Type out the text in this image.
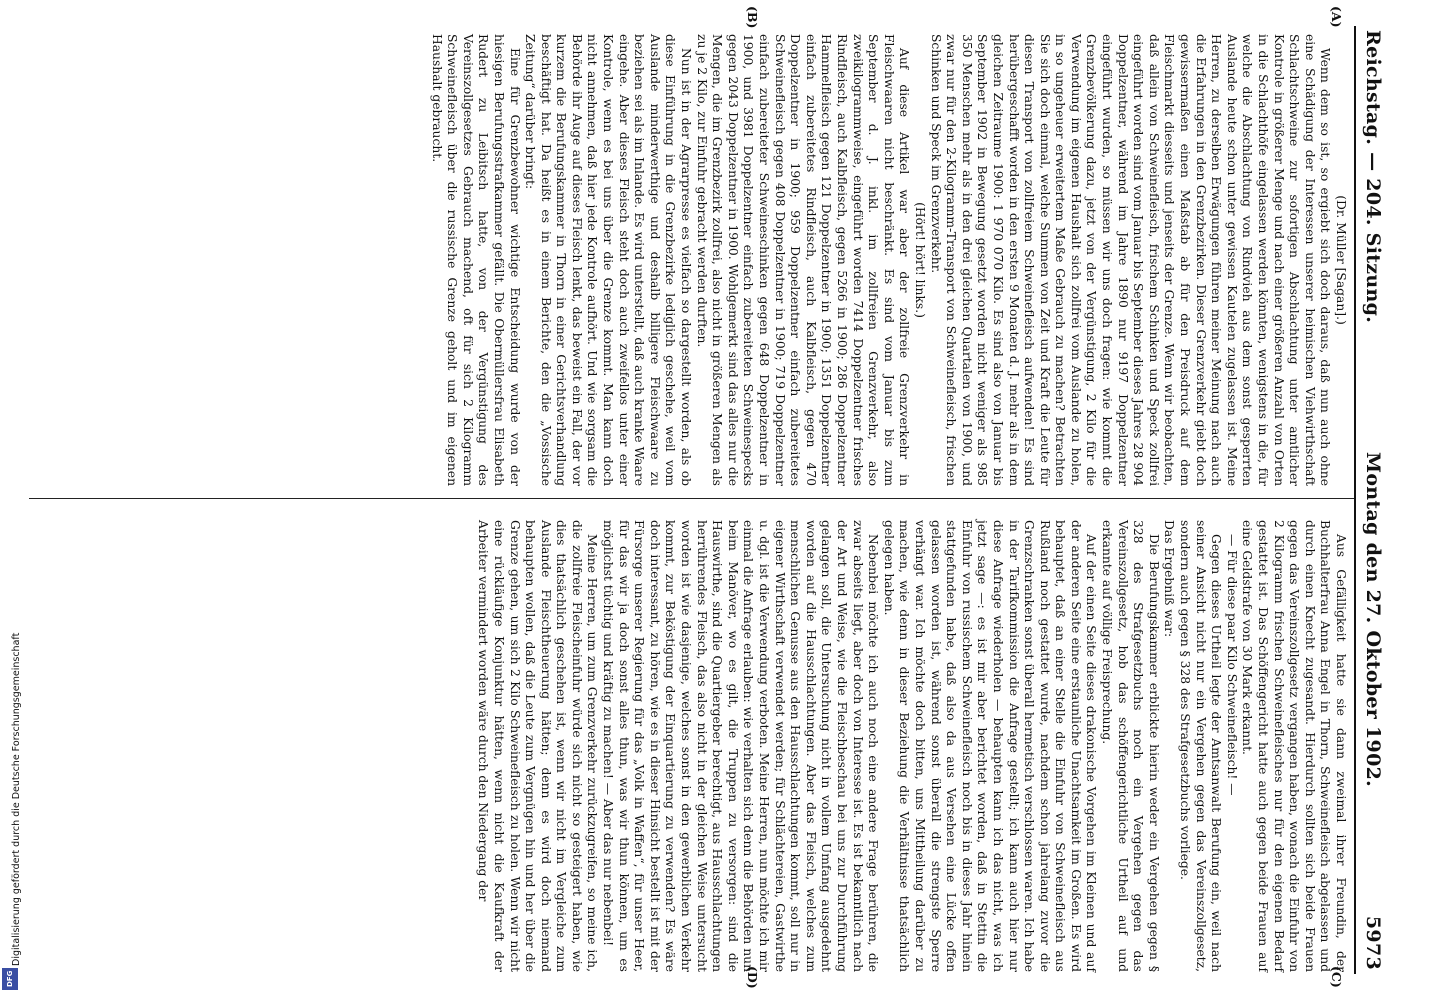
Reichstag. — 204. Sitzung.
Montag den 27. Oktober 1902.
5973
(A)
(B)
(C)
(D)

(Dr. Müller [Sagan].)

Wenn dem so ist, so ergiebt sich doch daraus, daß nun auch ohne eine Schädigung der Interessen unserer heimischen Viehwirthschaft Schlachtschweine zur sofortigen Abschlachtung unter amtlicher Kontrole in größerer Menge und nach einer größeren Anzahl von Orten in die Schlachthöfe eingelassen werden könnten, wenigstens in die, für welche die Abschlachtung von Rindvieh aus dem sonst gesperrten Auslande heute schon unter gewissen Kautelen zugelassen ist. Meine Herren, zu derselben Erwägungen führen meiner Meinung nach auch die Erfahrungen in den Grenzbezirken. Dieser Grenzverkehr giebt doch gewissermaßen einen Maßstab ab für den Preisdruck auf dem Fleischmarkt diesseits und jenseits der Grenze. Wenn wir beobachten, daß allein von Schweinefleisch, frischem Schinken und Speck zollfrei eingeführt worden sind vom Januar bis September dieses Jahres 28 904 Doppelzentner, während im Jahre 1890 nur 9197 Doppelzentner eingeführt wurden, so müssen wir uns doch fragen: wie kommt die Grenzbevölkerung dazu, jetzt von der Vergünstigung, 2 Kilo für die Verwendung im eigenen Haushalt sich zollfrei vom Auslande zu holen, in so ungeheuer erweitertem Maße Gebrauch zu machen? Betrachten Sie sich doch einmal, welche Summen von Zeit und Kraft die Leute für diesen Transport von zollfreiem Schweinefleisch aufwenden! Es sind herübergeschafft worden in den ersten 9 Monaten d. J. mehr als in dem gleichen Zeitraume 1900: 1 970 070 Kilo. Es sind also von Januar bis September 1902 in Bewegung gesetzt worden nicht weniger als 985 350 Menschen mehr als in den drei gleichen Quartalen von 1900, und zwar nur für den 2-Kilogramm-Transport von Schweinefleisch, frischen Schinken und Speck im Grenzverkehr.

(Hört! hört! links.)

Auf diese Artikel war aber der zollfreie Grenzverkehr in Fleischwaaren nicht beschränkt. Es sind vom Januar bis zum September d. J. inkl. im zollfreien Grenzverkehr, also zweikilogrammweise, eingeführt worden 7414 Doppelzentner frisches Rindfleisch, auch Kalbfleisch, gegen 5266 in 1900; 286 Doppelzentner Hammelfleisch gegen 121 Doppelzentner in 1900; 1351 Doppelzentner einfach zubereitetes Rindfleisch, auch Kalbfleisch, gegen 470 Doppelzentner in 1900; 959 Doppelzentner einfach zubereitetes Schweinefleisch gegen 408 Doppelzentner in 1900; 719 Doppelzentner einfach zubereiteter Schweineschinken gegen 648 Doppelzentner in 1900, und 3981 Doppelzentner einfach zubereiteten Schweinespecks gegen 2043 Doppelzentner in 1900. Wohlgemerkt sind das alles nur die Mengen, die im Grenzbezirk zollfrei, also nicht in größeren Mengen als zu je 2 Kilo, zur Einfuhr gebracht werden durften.

Nun ist in der Agrarpresse es vielfach so dargestellt worden, als ob diese Einführung in die Grenzbezirke lediglich geschehe, weil vom Auslande minderwerthige und deshalb billigere Fleischwaare zu beziehen sei als im Inlande. Es wird unterstellt, daß auch kranke Waare eingehe. Aber dieses Fleisch steht doch auch zweifellos unter einer Kontrole, wenn es bei uns über die Grenze kommt. Man kann doch nicht annehmen, daß hier jede Kontrole aufhört. Und wie sorgsam die Behörde ihr Auge auf dieses Fleisch lenkt, das beweist ein Fall, der vor kurzem die Berufungskammer in Thorn in einer Gerichtsverhandlung beschäftigt hat. Da heißt es in einem Berichte, den die „Vossische Zeitung“ darüber bringt:

Eine für Grenzbewohner wichtige Entscheidung wurde von der hiesigen Berufungsstrafkammer gefällt. Die Obermüllersfrau Elisabeth Rudert zu Leibitsch hatte, von der Vergünstigung des Vereinszollgesetzes Gebrauch machend, oft für sich 2 Kilogramm Schweinefleisch über die russische Grenze geholt und im eigenen Haushalt gebraucht.

Aus Gefälligkeit hatte sie dann zweimal ihrer Freundin, der Buchhalterfrau Anna Engel in Thorn, Schweinefleisch abgelassen und durch einen Knecht zugesandt. Hierdurch sollten sich beide Frauen gegen das Vereinszollgesetz vergangen haben, wonach die Einfuhr von 2 Kilogramm frischen Schweinefleisches nur für den eigenen Bedarf gestattet ist. Das Schöffengericht hatte auch gegen beide Frauen auf eine Geldstrafe von 30 Mark erkannt.

— Für diese paar Kilo Schweinefleisch! —

Gegen dieses Urtheil legte der Amtsanwalt Berufung ein, weil nach seiner Ansicht nicht nur ein Vergehen gegen das Vereinszollgesetz, sondern auch gegen § 328 des Strafgesetzbuchs vorliege.

Das Ergebniß war:

Die Berufungskammer erblickte hierin weder ein Vergehen gegen § 328 des Strafgesetzbuchs noch ein Vergehen gegen das Vereinszollgesetz, hob das schöffengerichtliche Urtheil auf und erkannte auf völlige Freisprechung.

Auf der einen Seite dieses drakonische Vorgehen im Kleinen und auf der anderen Seite eine erstaunliche Unachtsamkeit im Großen. Es wird behauptet, daß an einer Stelle die Einfuhr von Schweinefleisch aus Rußland noch gestattet wurde, nachdem schon jahrelang zuvor die Grenzschranken sonst überall hermetisch verschlossen waren. Ich habe in der Tarifkommission die Anfrage gestellt; ich kann auch hier nur diese Anfrage wiederholen — behaupten kann ich das nicht, was ich jetzt sage —: es ist mir aber berichtet worden, daß in Stettin die Einfuhr von russischem Schweinefleisch noch bis in dieses Jahr hinein stattgefunden habe, daß also da aus Versehen eine Lücke offen gelassen worden ist, während sonst überall die strengste Sperre verhängt war. Ich möchte doch bitten, uns Mittheilung darüber zu machen, wie denn in dieser Beziehung die Verhältnisse thatsächlich gelegen haben.

Nebenbei möchte ich auch noch eine andere Frage berühren, die zwar abseits liegt, aber doch von Interesse ist. Es ist bekanntlich nach der Art und Weise, wie die Fleischbeschau bei uns zur Durchführung gelangen soll, die Untersuchung nicht in vollem Umfang ausgedehnt worden auf die Hausschlachtungen. Aber das Fleisch, welches zum menschlichen Genusse aus den Hausschlachtungen kommt, soll nur in eigener Wirthschaft verwendet werden; für Schlächtereien, Gastwirthe u. dgl. ist die Verwendung verboten. Meine Herren, nun möchte ich mir einmal die Anfrage erlauben: wie verhalten sich denn die Behörden nun beim Manöver, wo es gilt, die Truppen zu versorgen: sind die Hauswirthe, sind die Quartiergeber berechtigt, aus Hausschlachtungen herrührendes Fleisch, das also nicht in der gleichen Weise untersucht worden ist wie dasjenige, welches sonst in den gewerblichen Verkehr kommt, zur Beköstigung der Einquartierung zu verwenden? Es wäre doch interessant, zu hören, wie es in dieser Hinsicht bestellt ist mit der Fürsorge unserer Regierung für das „Volk in Waffen“, für unser Heer, für das wir ja doch sonst alles thun, was wir thun können, um es möglichst tüchtig und kräftig zu machen! — Aber das nur nebenbei!

Meine Herren, um zum Grenzverkehr zurückzugreifen, so meine ich, die zollfreie Fleischeinfuhr würde sich nicht so gesteigert haben, wie dies thatsächlich geschehen ist, wenn wir nicht im Vergleiche zum Auslande Fleischtheuerung hätten; denn es wird doch niemand behaupten wollen, daß die Leute zum Vergnügen hin und her über die Grenze gehen, um sich 2 Kilo Schweinefleisch zu holen. Wenn wir nicht eine rückläufige Konjunktur hätten, wenn nicht die Kaufkraft der Arbeiter vermindert worden wäre durch den Niedergang der

Digitalisierung gefördert durch die Deutsche Forschungsgemeinschaft
DFG
